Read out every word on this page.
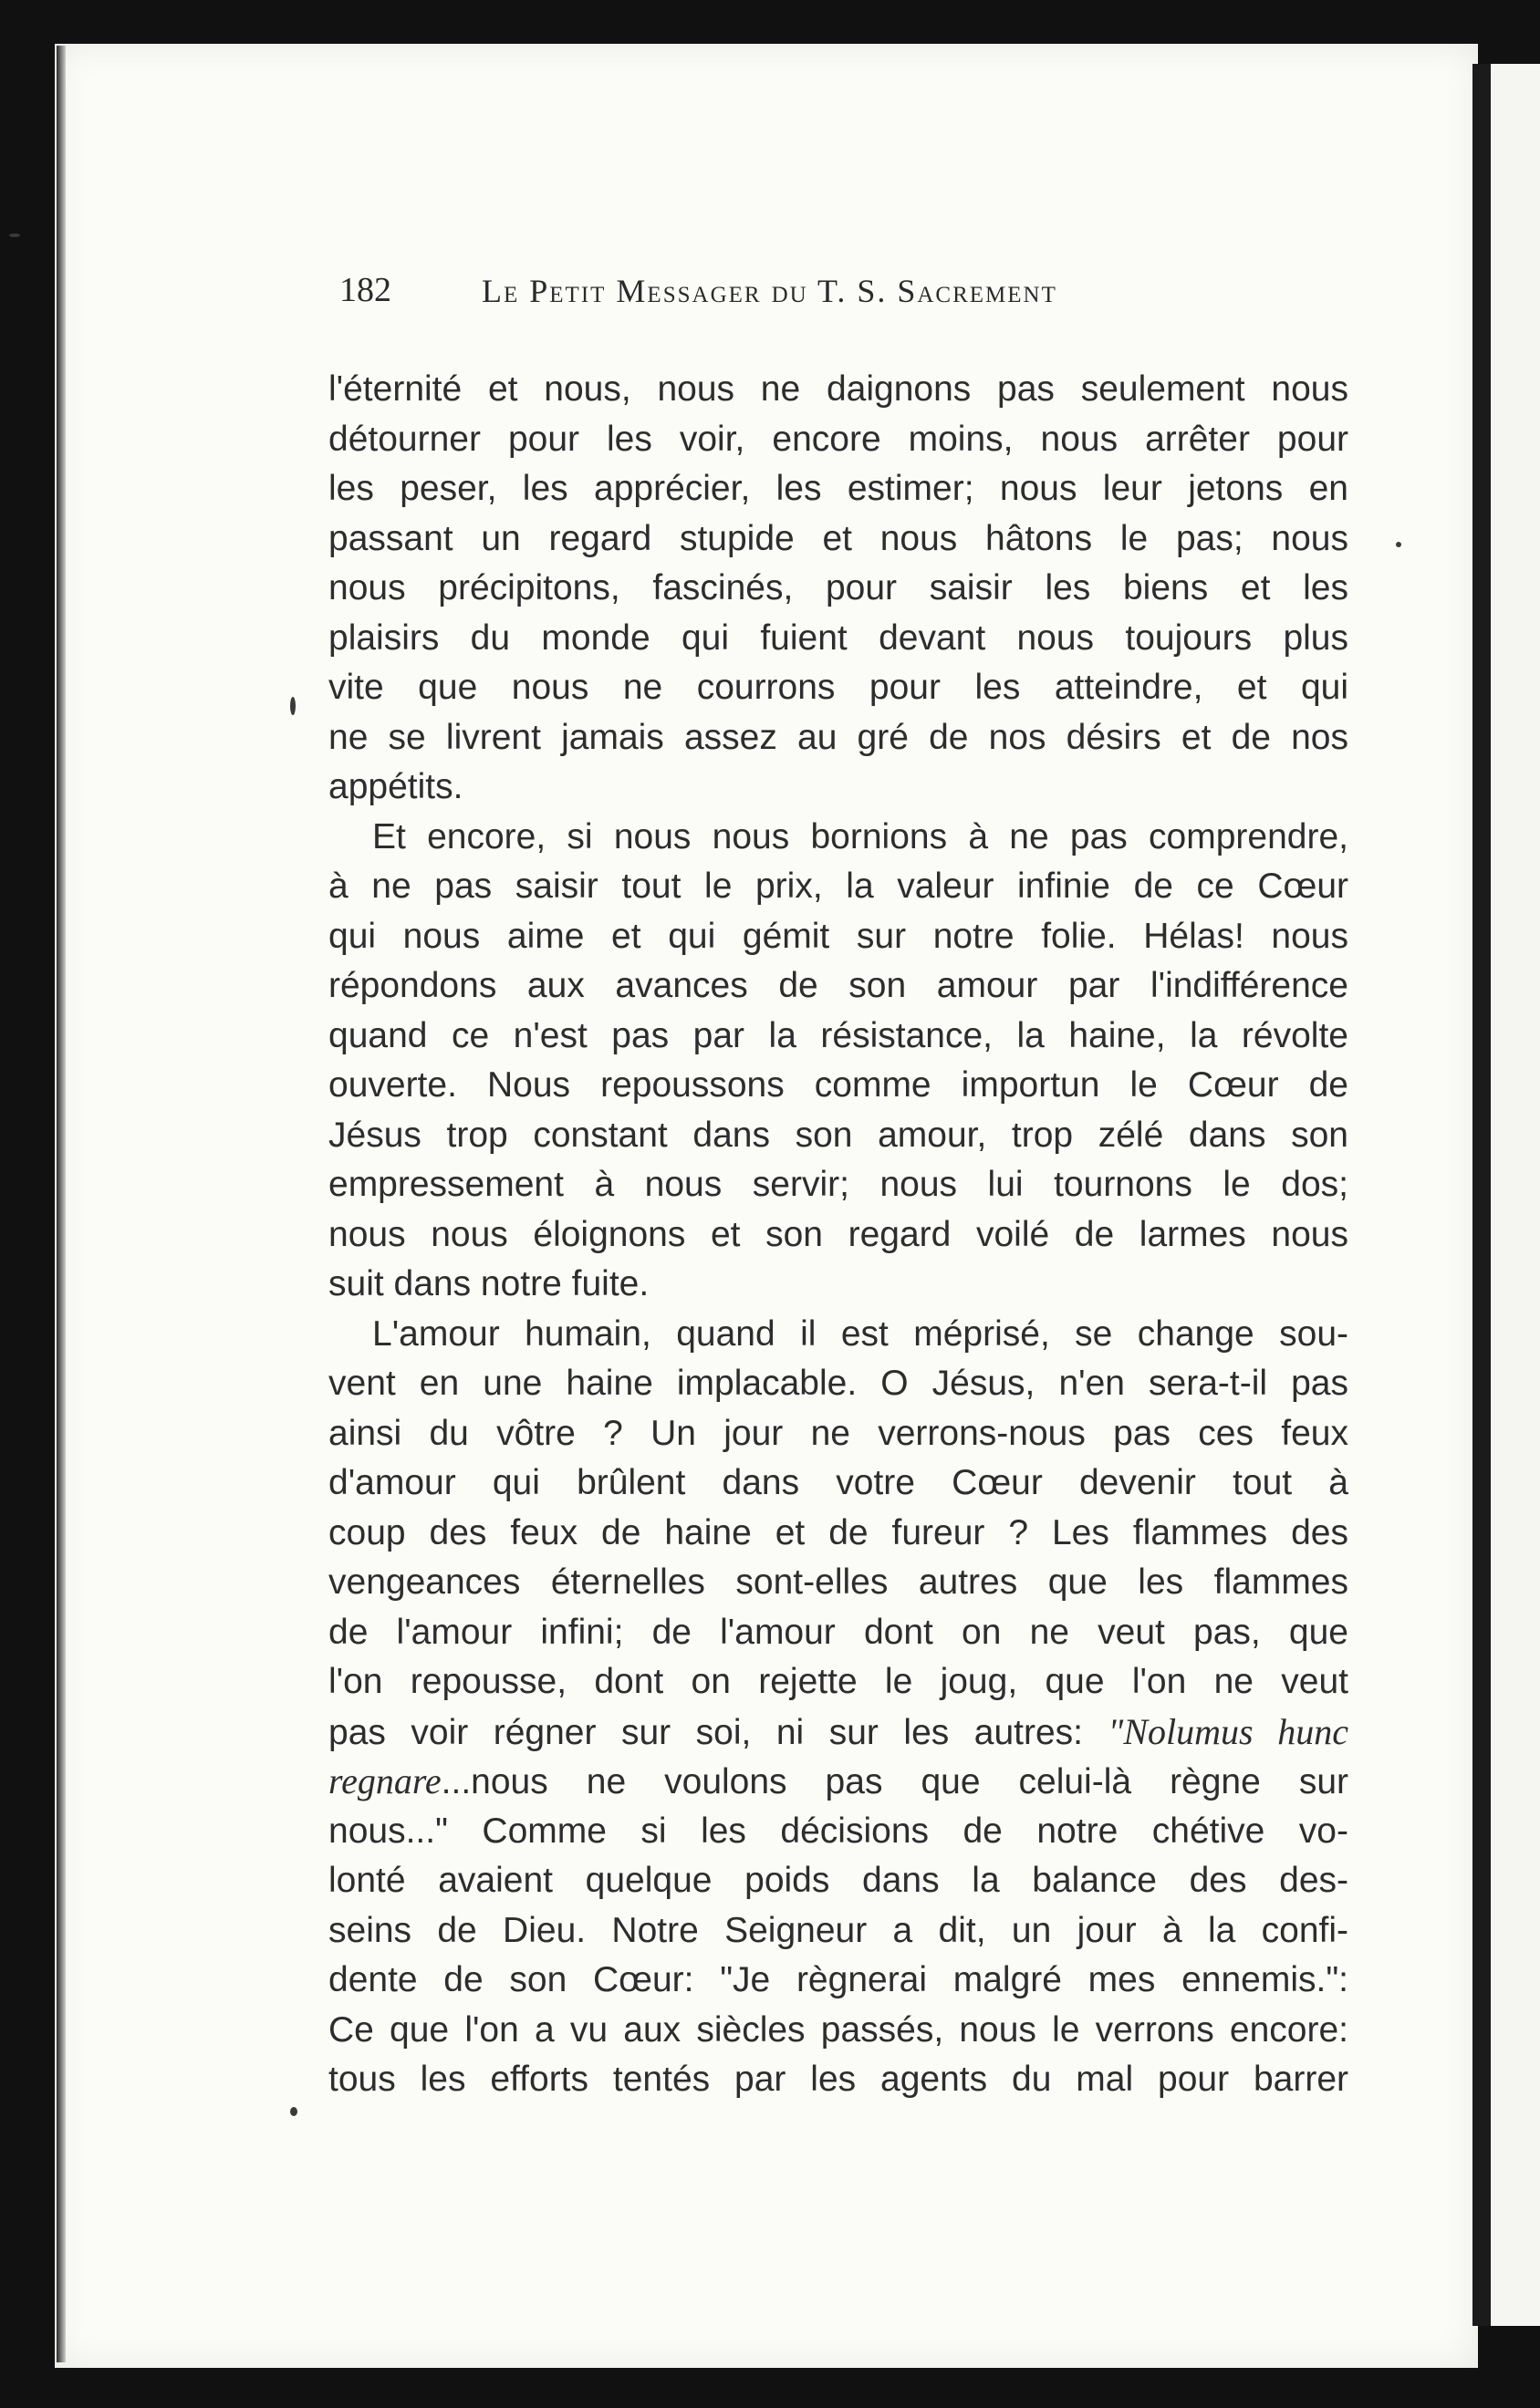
182	Le Petit Messager du T. S. Sacrement
l'éternité et nous, nous ne daignons pas seulement nous
détourner pour les voir, encore moins, nous arrêter pour
les peser, les apprécier, les estimer; nous leur jetons en
passant un regard stupide et nous hâtons le pas; nous
nous précipitons, fascinés, pour saisir les biens et les
plaisirs du monde qui fuient devant nous toujours plus
vite que nous ne courrons pour les atteindre, et qui
ne se livrent jamais assez au gré de nos désirs et de nos
appétits.
Et encore, si nous nous bornions à ne pas comprendre,
à ne pas saisir tout le prix, la valeur infinie de ce Cœur
qui nous aime et qui gémit sur notre folie. Hélas! nous
répondons aux avances de son amour par l'indifférence
quand ce n'est pas par la résistance, la haine, la révolte
ouverte. Nous repoussons comme importun le Cœur de
Jésus trop constant dans son amour, trop zélé dans son
empressement à nous servir; nous lui tournons le dos;
nous nous éloignons et son regard voilé de larmes nous
suit dans notre fuite.
L'amour humain, quand il est méprisé, se change sou-
vent en une haine implacable. O Jésus, n'en sera-t-il pas
ainsi du vôtre ? Un jour ne verrons-nous pas ces feux
d'amour qui brûlent dans votre Cœur devenir tout à
coup des feux de haine et de fureur ? Les flammes des
vengeances éternelles sont-elles autres que les flammes
de l'amour infini; de l'amour dont on ne veut pas, que
l'on repousse, dont on rejette le joug, que l'on ne veut
pas voir régner sur soi, ni sur les autres: "Nolumus hunc
regnare...nous ne voulons pas que celui-là règne sur
nous..." Comme si les décisions de notre chétive vo-
lonté avaient quelque poids dans la balance des des-
seins de Dieu. Notre Seigneur a dit, un jour à la confi-
dente de son Cœur: "Je règnerai malgré mes ennemis.":
Ce que l'on a vu aux siècles passés, nous le verrons encore:
tous les efforts tentés par les agents du mal pour barrer
